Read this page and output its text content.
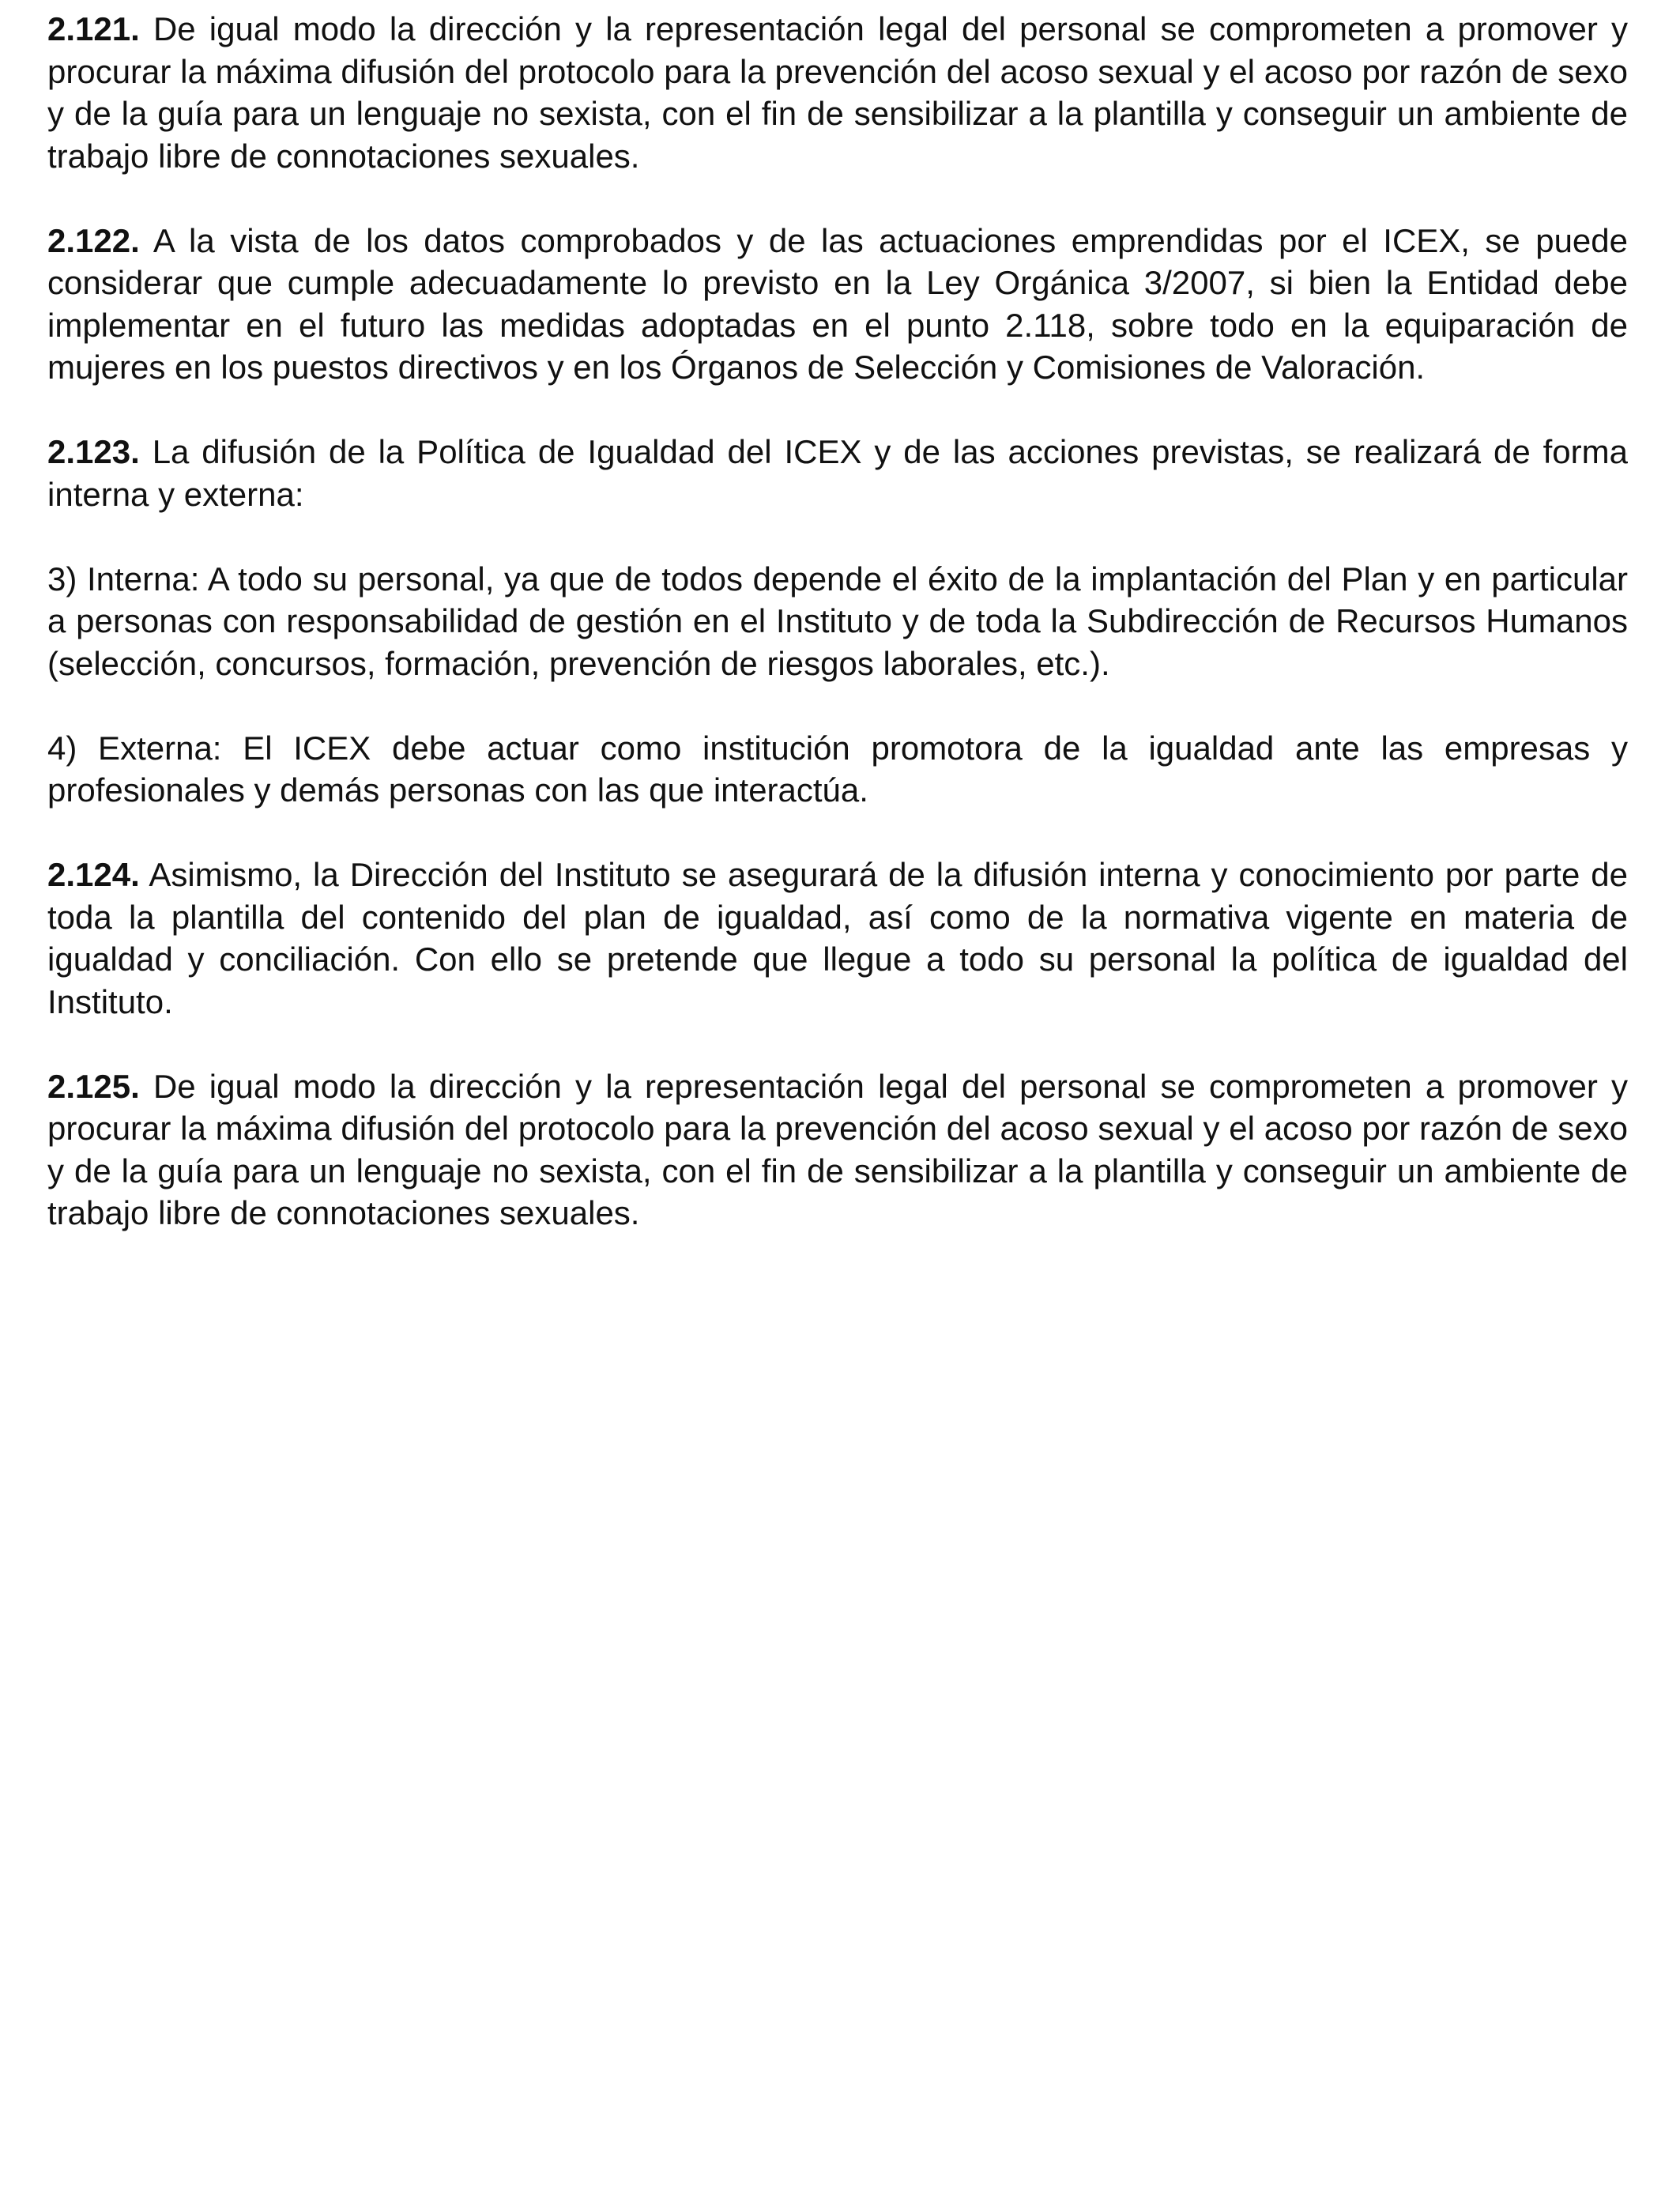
2.121. De igual modo la dirección y la representación legal del personal se comprometen a promover y procurar la máxima difusión del protocolo para la prevención del acoso sexual y el acoso por razón de sexo y de la guía para un lenguaje no sexista, con el fin de sensibilizar a la plantilla y conseguir un ambiente de trabajo libre de connotaciones sexuales.

2.122. A la vista de los datos comprobados y de las actuaciones emprendidas por el ICEX, se puede considerar que cumple adecuadamente lo previsto en la Ley Orgánica 3/2007, si bien la Entidad debe implementar en el futuro las medidas adoptadas en el punto 2.118, sobre todo en la equiparación de mujeres en los puestos directivos y en los Órganos de Selección y Comisiones de Valoración.

2.123. La difusión de la Política de Igualdad del ICEX y de las acciones previstas, se realizará de forma interna y externa:

3) Interna: A todo su personal, ya que de todos depende el éxito de la implantación del Plan y en particular a personas con responsabilidad de gestión en el Instituto y de toda la Subdirección de Recursos Humanos (selección, concursos, formación, prevención de riesgos laborales, etc.).

4) Externa: El ICEX debe actuar como institución promotora de la igualdad ante las empresas y profesionales y demás personas con las que interactúa.

2.124. Asimismo, la Dirección del Instituto se asegurará de la difusión interna y conocimiento por parte de toda la plantilla del contenido del plan de igualdad, así como de la normativa vigente en materia de igualdad y conciliación. Con ello se pretende que llegue a todo su personal la política de igualdad del Instituto.

2.125. De igual modo la dirección y la representación legal del personal se comprometen a promover y procurar la máxima difusión del protocolo para la prevención del acoso sexual y el acoso por razón de sexo y de la guía para un lenguaje no sexista, con el fin de sensibilizar a la plantilla y conseguir un ambiente de trabajo libre de connotaciones sexuales.
